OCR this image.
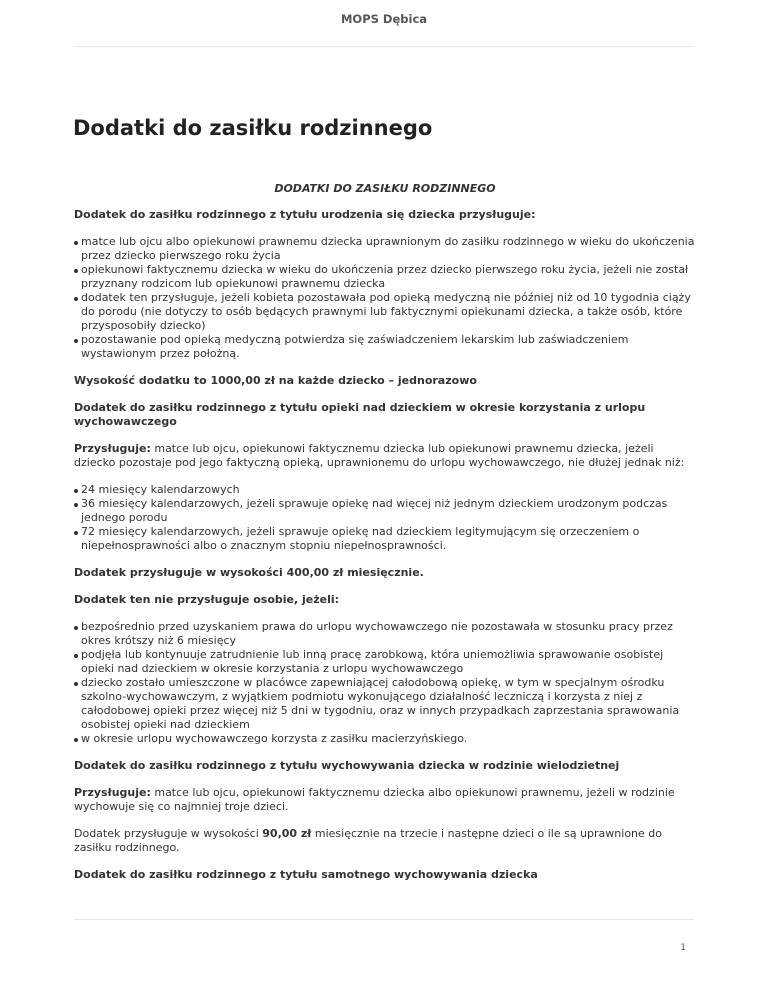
MOPS Dębica
Dodatki do zasiłku rodzinnego

DODATKI DO ZASIŁKU RODZINNEGO

Dodatek do zasiłku rodzinnego z tytułu urodzenia się dziecka przysługuje:

matce lub ojcu albo opiekunowi prawnemu dziecka uprawnionym do zasiłku rodzinnego w wieku do ukończenia przez dziecko pierwszego roku życia
opiekunowi faktycznemu dziecka w wieku do ukończenia przez dziecko pierwszego roku życia, jeżeli nie został przyznany rodzicom lub opiekunowi prawnemu dziecka
dodatek ten przysługuje, jeżeli kobieta pozostawała pod opieką medyczną nie później niż od 10 tygodnia ciąży do porodu (nie dotyczy to osób będących prawnymi lub faktycznymi opiekunami dziecka, a także osób, które przysposobiły dziecko)
pozostawanie pod opieką medyczną potwierdza się zaświadczeniem lekarskim lub zaświadczeniem wystawionym przez położną.

Wysokość dodatku to 1000,00 zł na każde dziecko – jednorazowo

Dodatek do zasiłku rodzinnego z tytułu opieki nad dzieckiem w okresie korzystania z urlopu wychowawczego

Przysługuje: matce lub ojcu, opiekunowi faktycznemu dziecka lub opiekunowi prawnemu dziecka, jeżeli dziecko pozostaje pod jego faktyczną opieką, uprawnionemu do urlopu wychowawczego, nie dłużej jednak niż:

24 miesięcy kalendarzowych
36 miesięcy kalendarzowych, jeżeli sprawuje opiekę nad więcej niż jednym dzieckiem urodzonym podczas jednego porodu
72 miesięcy kalendarzowych, jeżeli sprawuje opiekę nad dzieckiem legitymującym się orzeczeniem o niepełnosprawności albo o znacznym stopniu niepełnosprawności.

Dodatek przysługuje w wysokości 400,00 zł miesięcznie.

Dodatek ten nie przysługuje osobie, jeżeli:

bezpośrednio przed uzyskaniem prawa do urlopu wychowawczego nie pozostawała w stosunku pracy przez okres krótszy niż 6 miesięcy
podjęła lub kontynuuje zatrudnienie lub inną pracę zarobkową, która uniemożliwia sprawowanie osobistej opieki nad dzieckiem w okresie korzystania z urlopu wychowawczego
dziecko zostało umieszczone w placówce zapewniającej całodobową opiekę, w tym w specjalnym ośrodku szkolno-wychowawczym, z wyjątkiem podmiotu wykonującego działalność leczniczą i korzysta z niej z całodobowej opieki przez więcej niż 5 dni w tygodniu, oraz w innych przypadkach zaprzestania sprawowania osobistej opieki nad dzieckiem
w okresie urlopu wychowawczego korzysta z zasiłku macierzyńskiego.

Dodatek do zasiłku rodzinnego z tytułu wychowywania dziecka w rodzinie wielodzietnej

Przysługuje: matce lub ojcu, opiekunowi faktycznemu dziecka albo opiekunowi prawnemu, jeżeli w rodzinie wychowuje się co najmniej troje dzieci.

Dodatek przysługuje w wysokości 90,00 zł miesięcznie na trzecie i następne dzieci o ile są uprawnione do zasiłku rodzinnego.

Dodatek do zasiłku rodzinnego z tytułu samotnego wychowywania dziecka

1
